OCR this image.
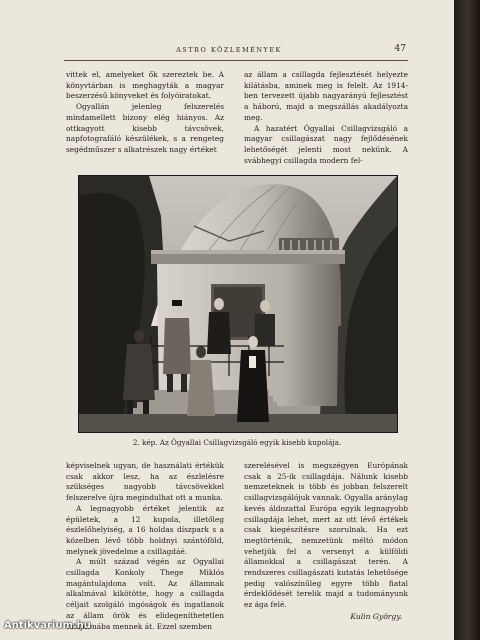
ASTRO KÖZLEMÉNYEK	47

vittek el, amelyeket ők szereztek be. A könyvtárban is meghagyták a magyar beszerzésű könyveket és folyóiratokat.

Ogyallán jelenleg felszerelés mindamellett bizony elég hiányos. Az ottkagyott kisebb távcsövek, napfotografáló készülékek, s a rengeteg segédműszer s alkatrészek nagy értéket

az állam a csillagda fejlesztését helyezte kilátásba, aminek meg is felelt. Az 1914-ben tervezett újabb nagyarányú fejlesztést a háború, majd a megszállás akadályozta meg.

A hazatért Ógyallai Csillagvizsgáló a magyar csillagászat nagy fejlődésének lehetőségét jelenti most nekünk. A svábhegyi csillagda modern fel-

2. kép. Az Ógyallai Csillagvizsgáló egyik kisebb kupolája.

képviselnek ugyan, de használati értékük csak akkor lesz, ha az észlelésre szükséges nagyobb távcsövekkel felszerelve újra megindulhat ott a munka.

A legnagyobb értéket jelentik az épületek, a 12 kupola, illetőleg észlelőhelyiség, a 16 holdas díszpark s a közelben lévő több holdnyi szántóföld, melynek jövedelme a csillagdáé.

A múlt század végén az Ogyallai csillagda Konkoly Thege Miklós magántulajdona volt. Az államnak alkalmával kikötötte, hogy a csillagda céljait szolgáló ingóságok és ingatlanok az állam örök és elidegeníthetetlen tulajdonába mennek át. Ezzel szemben

szerelésével is megszégyen Európának csak a 25-ik csillagdája. Nálunk kisebb nemzeteknek is több és jobban felszerelt csillagvizsgálójuk vannak. Ogyalla aránylag kevés áldozattal Európa egyik legnagyobb csillagdája lehet, mert az ott lévő értékek csak kiegészítésre szorulnak. Ha ezt megtörténik, nemzetünk méltó módon vehetjük fel a versenyt a külföldi államokkal a csillagászat terén. A rendszeres csillagászati kutatás lehetősége pedig valószínűleg egyre több fiatal érdeklődését terelik majd a tudományunk ez ága felé.

Kulin György.
Antikvarium.hu
